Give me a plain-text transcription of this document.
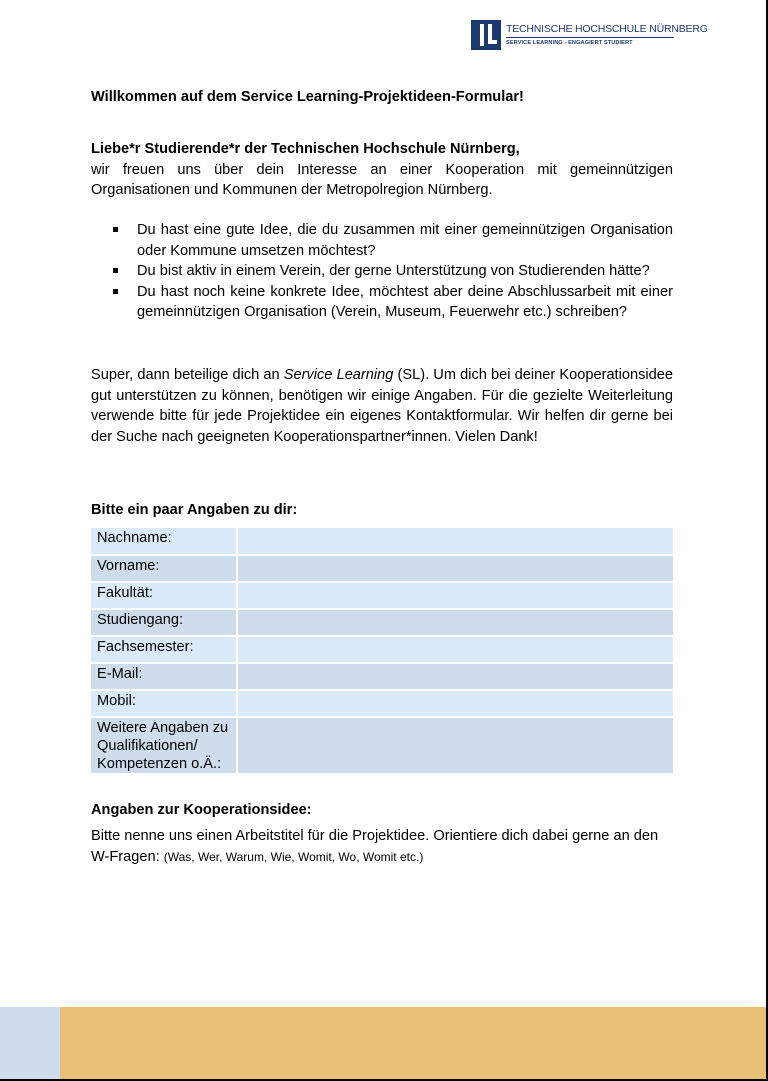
TECHNISCHE HOCHSCHULE NÜRNBERG
SERVICE LEARNING - ENGAGIERT STUDIERT
Willkommen auf dem Service Learning-Projektideen-Formular!
Liebe*r Studierende*r der Technischen Hochschule Nürnberg,
wir freuen uns über dein Interesse an einer Kooperation mit gemeinnützigen Organisationen und Kommunen der Metropolregion Nürnberg.
Du hast eine gute Idee, die du zusammen mit einer gemeinnützigen Organisation oder Kommune umsetzen möchtest?
Du bist aktiv in einem Verein, der gerne Unterstützung von Studierenden hätte?
Du hast noch keine konkrete Idee, möchtest aber deine Abschlussarbeit mit einer gemeinnützigen Organisation (Verein, Museum, Feuerwehr etc.) schreiben?
Super, dann beteilige dich an Service Learning (SL). Um dich bei deiner Kooperationsidee gut unterstützen zu können, benötigen wir einige Angaben. Für die gezielte Weiterleitung verwende bitte für jede Projektidee ein eigenes Kontaktformular. Wir helfen dir gerne bei der Suche nach geeigneten Kooperationspartner*innen. Vielen Dank!
Bitte ein paar Angaben zu dir:
Nachname:	
Vorname:	
Fakultät:	
Studiengang:	
Fachsemester:	
E-Mail:	
Mobil:	
Weitere Angaben zu Qualifikationen/ Kompetenzen o.Ä.:	
Angaben zur Kooperationsidee:
Bitte nenne uns einen Arbeitstitel für die Projektidee. Orientiere dich dabei gerne an den W-Fragen: (Was, Wer, Warum, Wie, Womit, Wo, Womit etc.)
